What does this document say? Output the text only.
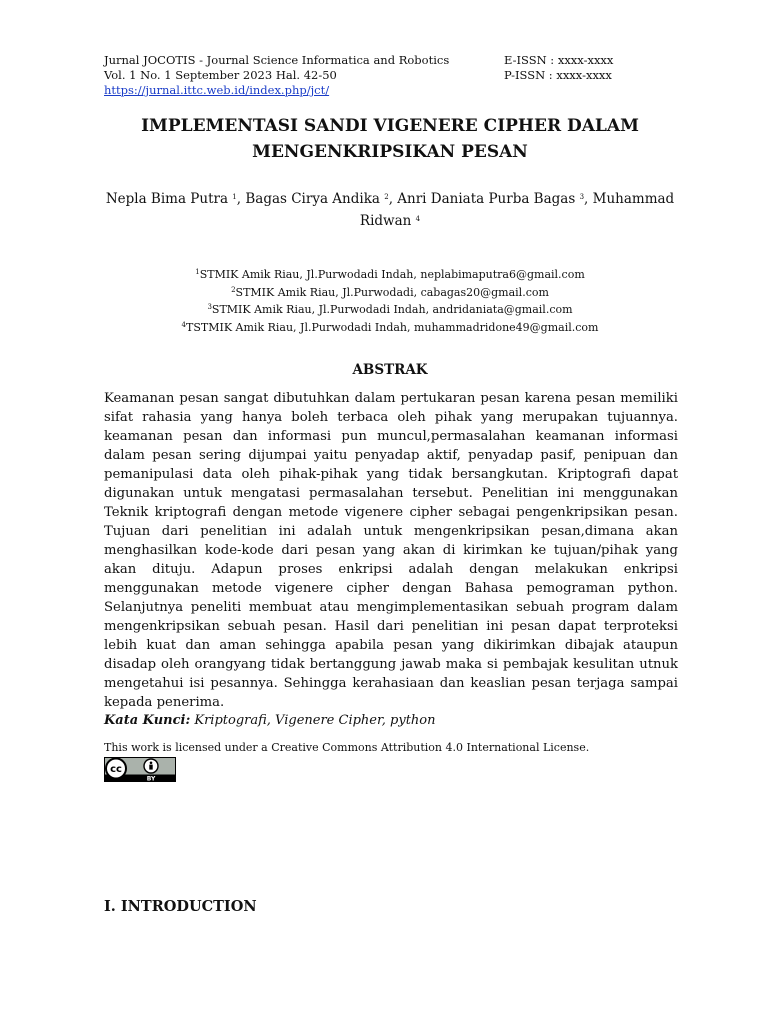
Jurnal JOCOTIS - Journal Science Informatica and Robotics	E-ISSN : xxxx-xxxx
Vol. 1 No. 1 September 2023 Hal. 42-50	P-ISSN : xxxx-xxxx
https://jurnal.ittc.web.id/index.php/jct/
IMPLEMENTASI SANDI VIGENERE CIPHER DALAM
MENGENKRIPSIKAN PESAN
Nepla Bima Putra $^1$, Bagas Cirya Andika $^2$, Anri Daniata Purba Bagas $^3$, Muhammad Ridwan $^4$
$^1$STMIK Amik Riau, Jl.Purwodadi Indah, neplabimaputra6@gmail.com
$^2$STMIK Amik Riau, Jl.Purwodadi, cabagas20@gmail.com
$^3$STMIK Amik Riau, Jl.Purwodadi Indah, andridaniata@gmail.com
$^4$TSTMIK Amik Riau, Jl.Purwodadi Indah, muhammadridone49@gmail.com
ABSTRAK

Keamanan pesan sangat dibutuhkan dalam pertukaran pesan karena pesan memiliki sifat rahasia yang hanya boleh terbaca oleh pihak yang merupakan tujuannya. keamanan pesan dan informasi pun muncul,permasalahan keamanan informasi dalam pesan sering dijumpai yaitu penyadap aktif, penyadap pasif, penipuan dan pemanipulasi data oleh pihak-pihak yang tidak bersangkutan. Kriptografi dapat digunakan untuk mengatasi permasalahan tersebut. Penelitian ini menggunakan Teknik kriptografi dengan metode vigenere cipher sebagai pengenkripsikan pesan. Tujuan dari penelitian ini adalah untuk mengenkripsikan pesan,dimana akan menghasilkan kode-kode dari pesan yang akan di kirimkan ke tujuan/pihak yang akan dituju. Adapun proses enkripsi adalah dengan melakukan enkripsi menggunakan metode vigenere cipher dengan Bahasa pemograman python. Selanjutnya peneliti membuat atau mengimplementasikan sebuah program dalam mengenkripsikan sebuah pesan. Hasil dari penelitian ini pesan dapat terproteksi lebih kuat dan aman sehingga apabila pesan yang dikirimkan dibajak ataupun disadap oleh orangyang tidak bertanggung jawab maka si pembajak kesulitan utnuk mengetahui isi pesannya. Sehingga kerahasiaan dan keaslian pesan terjaga sampai kepada penerima.

Kata Kunci: Kriptografi, Vigenere Cipher, python
This work is licensed under a Creative Commons Attribution 4.0 International License.
cc
BY
I. INTRODUCTION
